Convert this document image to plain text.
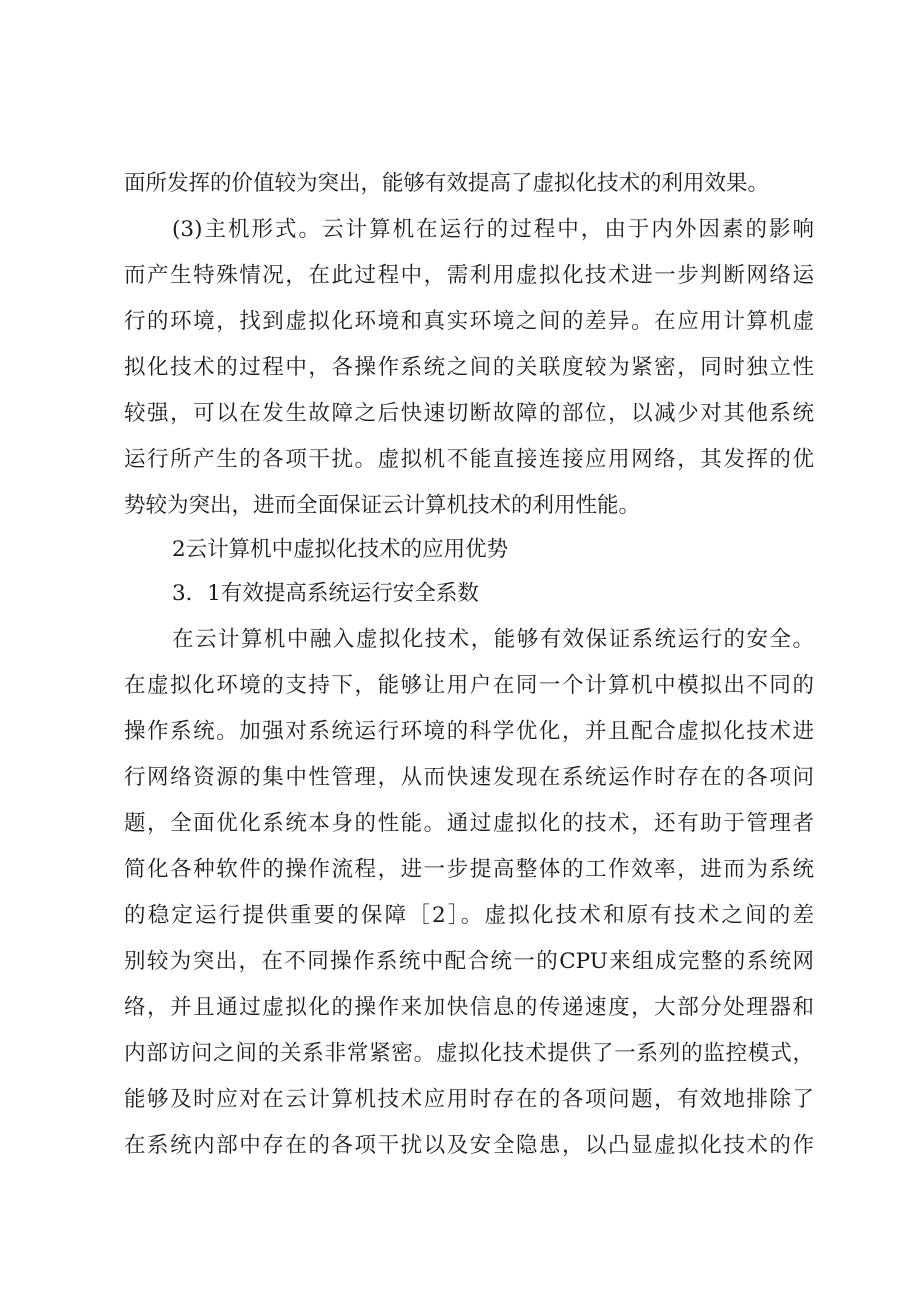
面所发挥的价值较为突出，能够有效提高了虚拟化技术的利用效果。
(3)主机形式。云计算机在运行的过程中，由于内外因素的影响
而产生特殊情况，在此过程中，需利用虚拟化技术进一步判断网络运
行的环境，找到虚拟化环境和真实环境之间的差异。在应用计算机虚
拟化技术的过程中，各操作系统之间的关联度较为紧密，同时独立性
较强，可以在发生故障之后快速切断故障的部位，以减少对其他系统
运行所产生的各项干扰。虚拟机不能直接连接应用网络，其发挥的优
势较为突出，进而全面保证云计算机技术的利用性能。
2云计算机中虚拟化技术的应用优势
3．1有效提高系统运行安全系数
在云计算机中融入虚拟化技术，能够有效保证系统运行的安全。
在虚拟化环境的支持下，能够让用户在同一个计算机中模拟出不同的
操作系统。加强对系统运行环境的科学优化，并且配合虚拟化技术进
行网络资源的集中性管理，从而快速发现在系统运作时存在的各项问
题，全面优化系统本身的性能。通过虚拟化的技术，还有助于管理者
简化各种软件的操作流程，进一步提高整体的工作效率，进而为系统
的稳定运行提供重要的保障［2］。虚拟化技术和原有技术之间的差
别较为突出，在不同操作系统中配合统一的CPU来组成完整的系统网
络，并且通过虚拟化的操作来加快信息的传递速度，大部分处理器和
内部访问之间的关系非常紧密。虚拟化技术提供了一系列的监控模式，
能够及时应对在云计算机技术应用时存在的各项问题，有效地排除了
在系统内部中存在的各项干扰以及安全隐患，以凸显虚拟化技术的作
